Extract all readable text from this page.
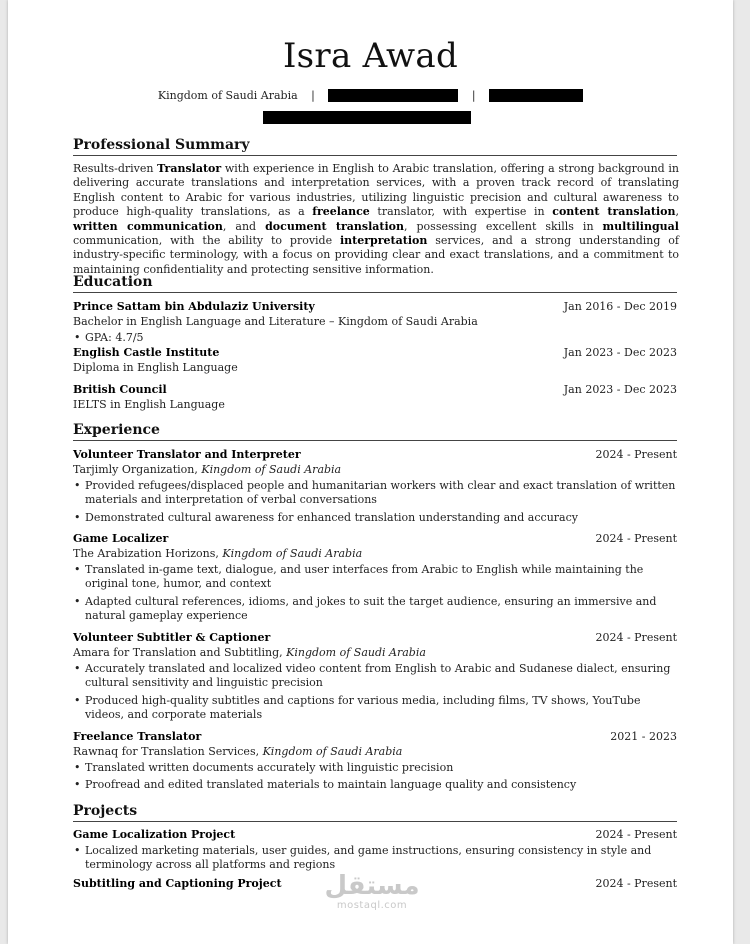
Isra Awad
Kingdom of Saudi Arabia |	|
Professional Summary
Results-driven Translator with experience in English to Arabic translation, offering a strong background in delivering accurate translations and interpretation services, with a proven track record of translating English content to Arabic for various industries, utilizing linguistic precision and cultural awareness to produce high-quality translations, as a freelance translator, with expertise in content translation, written communication, and document translation, possessing excellent skills in multilingual communication, with the ability to provide interpretation services, and a strong understanding of industry-specific terminology, with a focus on providing clear and exact translations, and a commitment to maintaining confidentiality and protecting sensitive information.
Education
Prince Sattam bin Abdulaziz University	Jan 2016 - Dec 2019
Bachelor in English Language and Literature – Kingdom of Saudi Arabia
• GPA: 4.7/5
English Castle Institute	Jan 2023 - Dec 2023
Diploma in English Language
British Council	Jan 2023 - Dec 2023
IELTS in English Language
Experience
Volunteer Translator and Interpreter	2024 - Present
Tarjimly Organization, Kingdom of Saudi Arabia
• Provided refugees/displaced people and humanitarian workers with clear and exact translation of written materials and interpretation of verbal conversations
• Demonstrated cultural awareness for enhanced translation understanding and accuracy
Game Localizer	2024 - Present
The Arabization Horizons, Kingdom of Saudi Arabia
• Translated in-game text, dialogue, and user interfaces from Arabic to English while maintaining the original tone, humor, and context
• Adapted cultural references, idioms, and jokes to suit the target audience, ensuring an immersive and natural gameplay experience
Volunteer Subtitler & Captioner	2024 - Present
Amara for Translation and Subtitling, Kingdom of Saudi Arabia
• Accurately translated and localized video content from English to Arabic and Sudanese dialect, ensuring cultural sensitivity and linguistic precision
• Produced high-quality subtitles and captions for various media, including films, TV shows, YouTube videos, and corporate materials
Freelance Translator	2021 - 2023
Rawnaq for Translation Services, Kingdom of Saudi Arabia
• Translated written documents accurately with linguistic precision
• Proofread and edited translated materials to maintain language quality and consistency
Projects
Game Localization Project	2024 - Present
• Localized marketing materials, user guides, and game instructions, ensuring consistency in style and terminology across all platforms and regions
Subtitling and Captioning Project	2024 - Present
مستقل
mostaql.com
